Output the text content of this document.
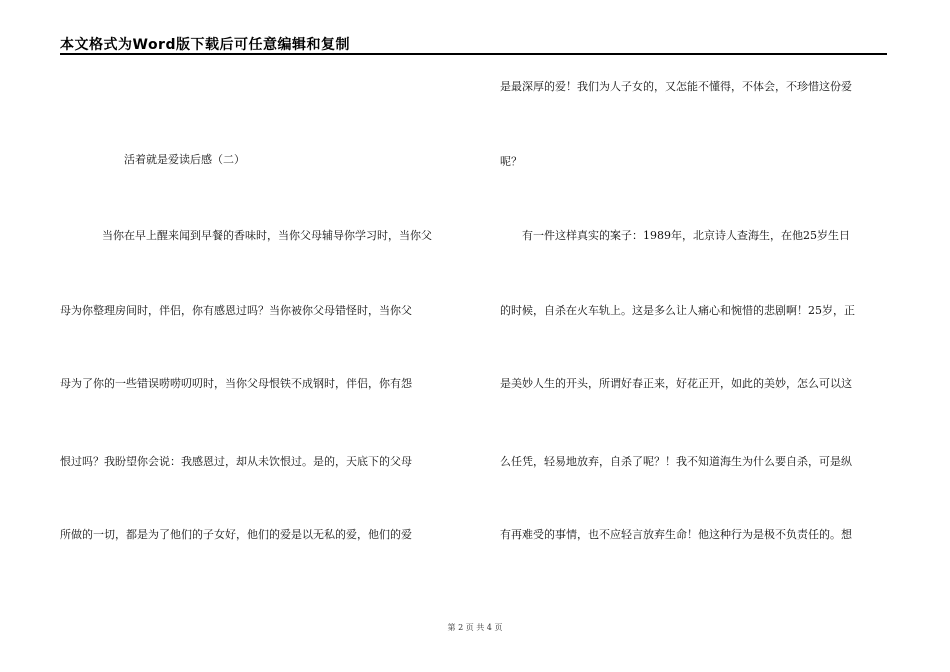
本文格式为Word版下载后可任意编辑和复制
活着就是爱读后感（二）
当你在早上醒来闻到早餐的香味时，当你父母辅导你学习时，当你父
母为你整理房间时，伴侣，你有感恩过吗？当你被你父母错怪时，当你父
母为了你的一些错误唠唠叨叨时，当你父母恨铁不成钢时，伴侣，你有怨
恨过吗？我盼望你会说：我感恩过，却从未饮恨过。是的，天底下的父母
所做的一切，都是为了他们的子女好，他们的爱是以无私的爱，他们的爱
是最深厚的爱！我们为人子女的，又怎能不懂得，不体会，不珍惜这份爱
呢？
有一件这样真实的案子：1989年，北京诗人查海生，在他25岁生日
的时候，自杀在火车轨上。这是多么让人痛心和惋惜的悲剧啊！25岁，正
是美妙人生的开头，所谓好春正来，好花正开，如此的美妙，怎么可以这
么任凭，轻易地放弃，自杀了呢？！我不知道海生为什么要自杀，可是纵
有再难受的事情，也不应轻言放弃生命！他这种行为是极不负责任的。想
第 2 页 共 4 页
